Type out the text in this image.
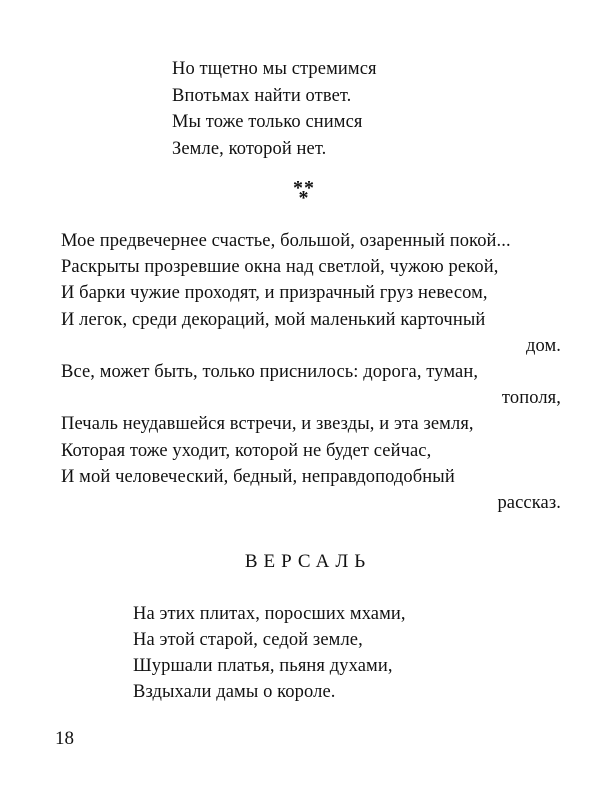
Но тщетно мы стремимся
Впотьмах найти ответ.
Мы тоже только снимся
Земле, которой нет.
* *
*
Мое предвечернее счастье, большой, озаренный покой...
Раскрыты прозревшие окна над светлой, чужою рекой,
И барки чужие проходят, и призрачный груз невесом,
И легок, среди декораций, мой маленький карточный
дом.
Все, может быть, только приснилось: дорога, туман,
тополя,
Печаль неудавшейся встречи, и звезды, и эта земля,
Которая тоже уходит, которой не будет сейчас,
И мой человеческий, бедный, неправдоподобный
рассказ.
ВЕРСАЛЬ
На этих плитах, поросших мхами,
На этой старой, седой земле,
Шуршали платья, пьяня духами,
Вздыхали дамы о короле.
18
